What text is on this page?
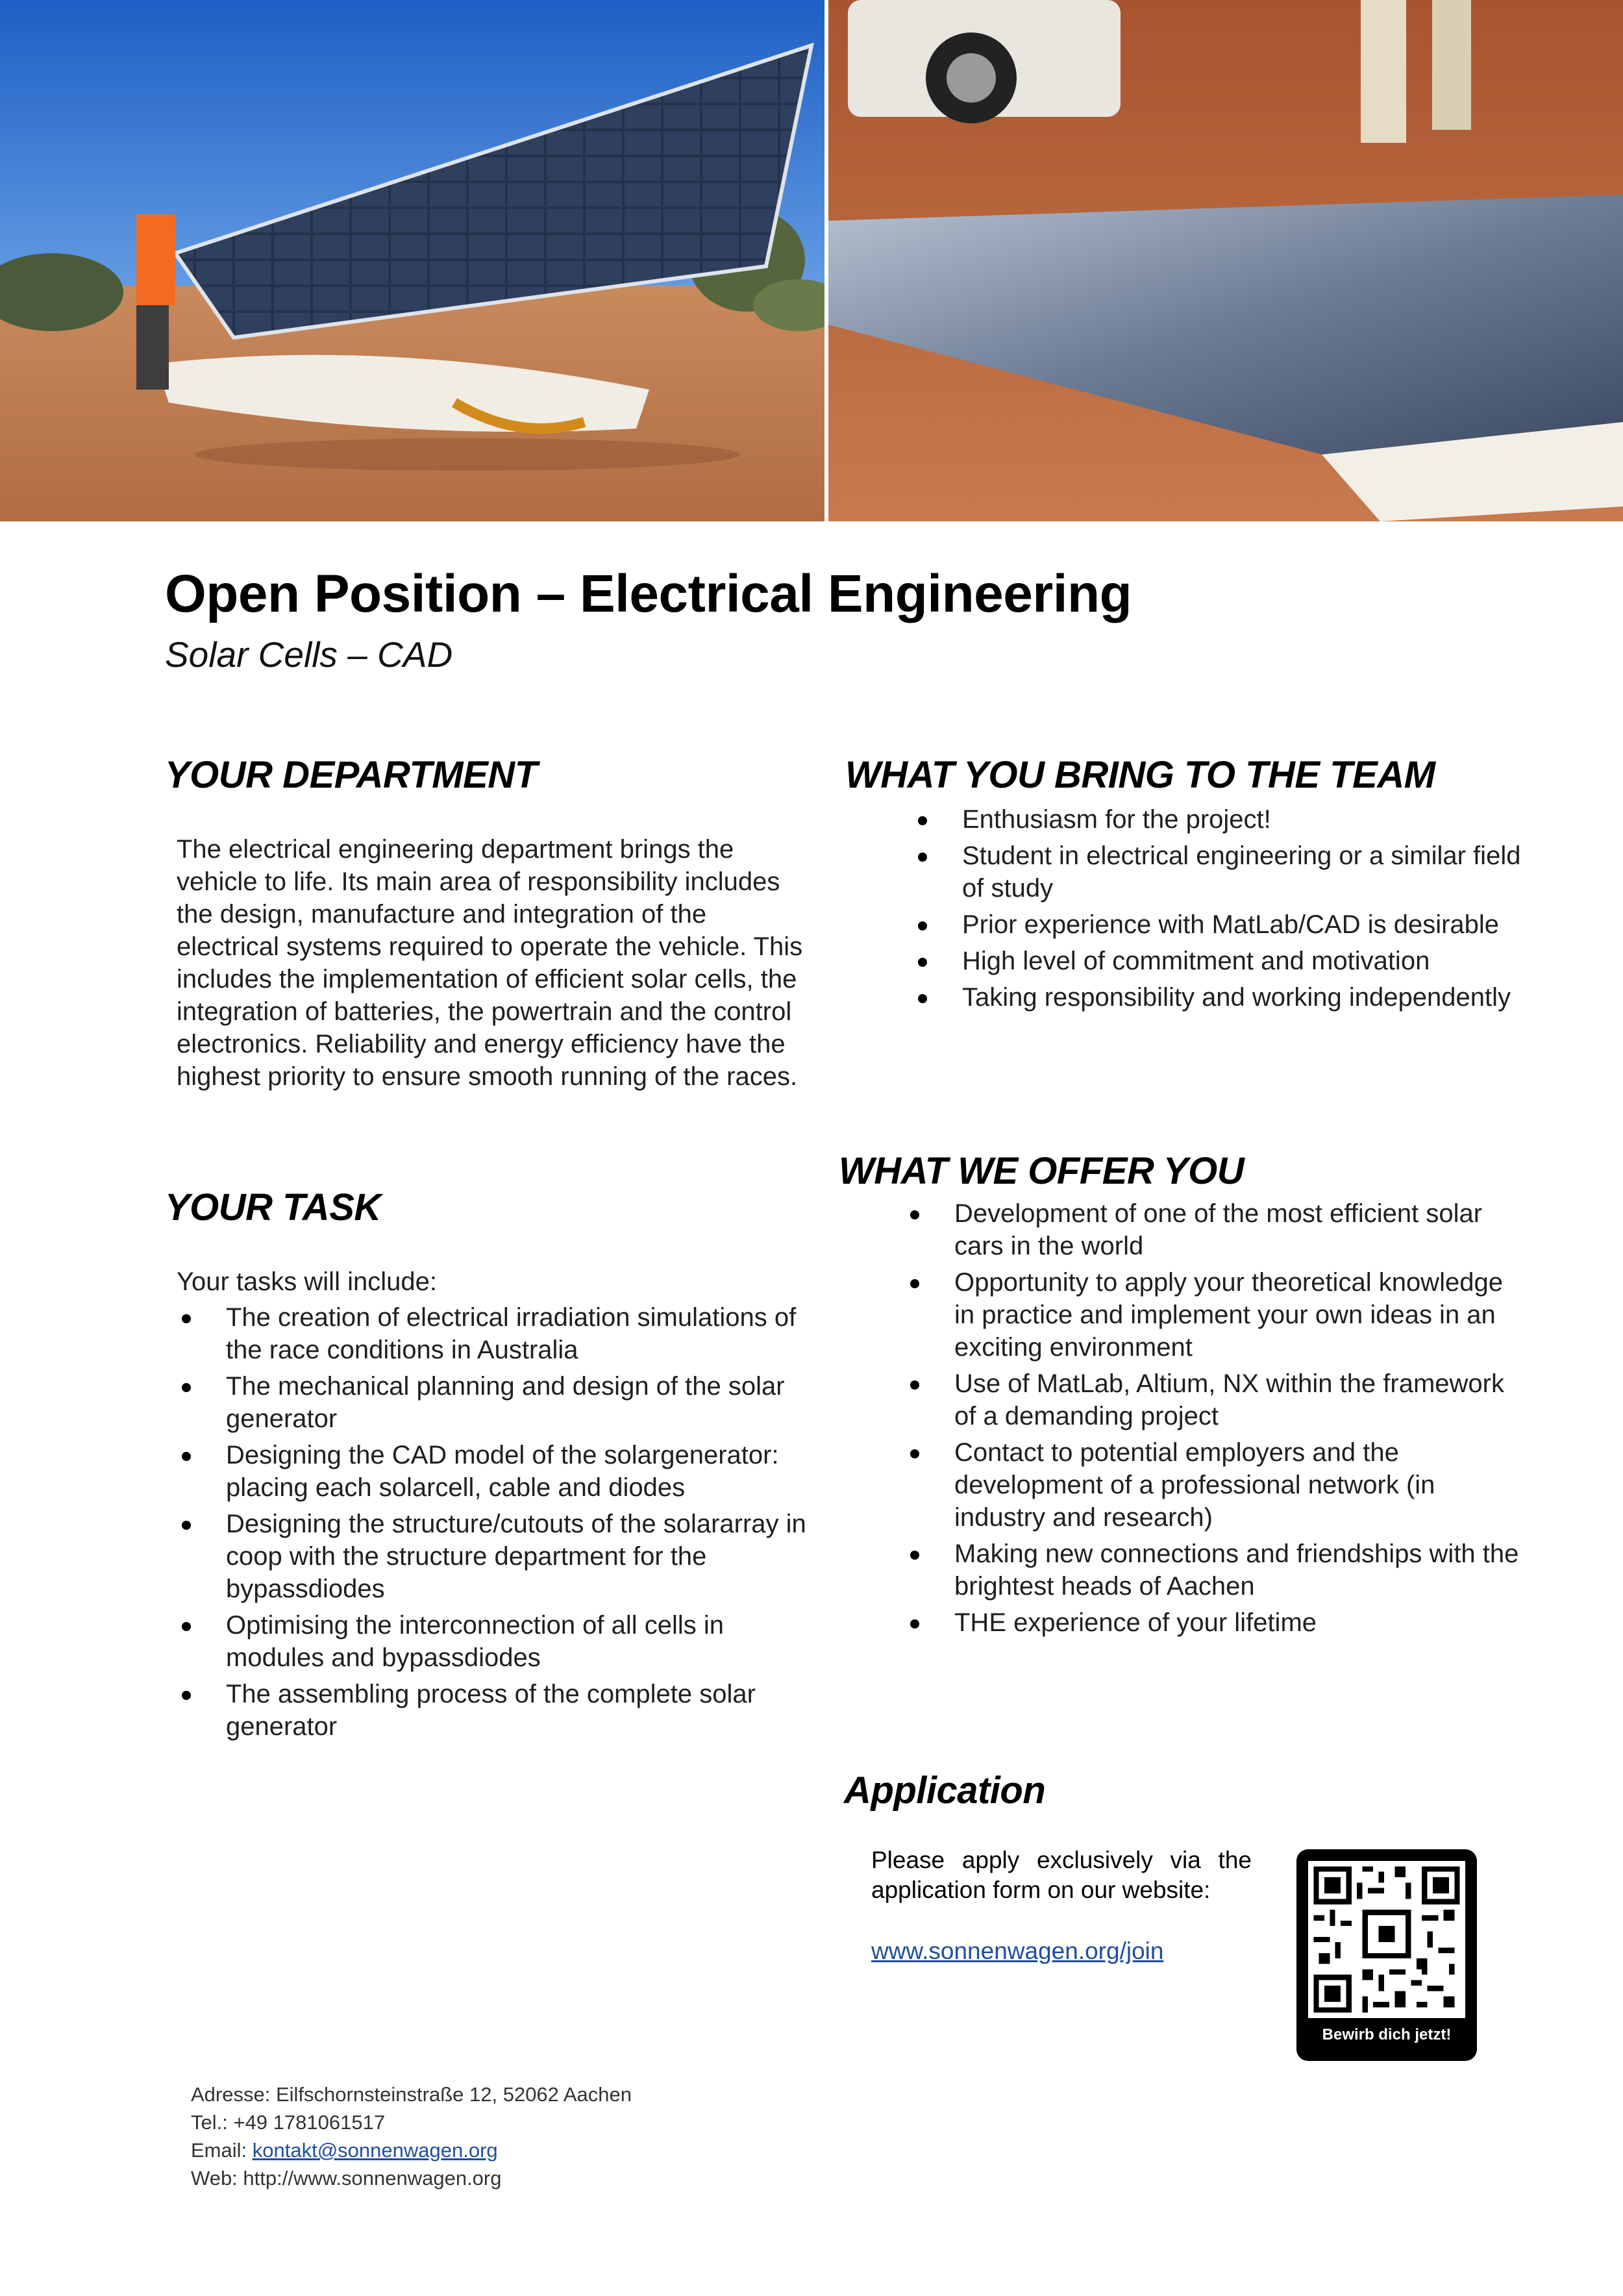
Open Position – Electrical Engineering
Solar Cells – CAD
YOUR DEPARTMENT
The electrical engineering department brings the vehicle to life. Its main area of responsibility includes the design, manufacture and integration of the electrical systems required to operate the vehicle. This includes the implementation of efficient solar cells, the integration of batteries, the powertrain and the control electronics. Reliability and energy efficiency have the highest priority to ensure smooth running of the races.
YOUR TASK
Your tasks will include:
The creation of electrical irradiation simulations of the race conditions in Australia
The mechanical planning and design of the solar generator
Designing the CAD model of the solargenerator: placing each solarcell, cable and diodes
Designing the structure/cutouts of the solararray in coop with the structure department for the bypassdiodes
Optimising the interconnection of all cells in modules and bypassdiodes
The assembling process of the complete solar generator
WHAT YOU BRING TO THE TEAM
Enthusiasm for the project!
Student in electrical engineering or a similar field of study
Prior experience with MatLab/CAD is desirable
High level of commitment and motivation
Taking responsibility and working independently
WHAT WE OFFER YOU
Development of one of the most efficient solar cars in the world
Opportunity to apply your theoretical knowledge in practice and implement your own ideas in an exciting environment
Use of MatLab, Altium, NX within the framework of a demanding project
Contact to potential employers and the development of a professional network (in industry and research)
Making new connections and friendships with the brightest heads of Aachen
THE experience of your lifetime
Application
Please apply exclusively via the application form on our website:
www.sonnenwagen.org/join
Bewirb dich jetzt!
Adresse: Eilfschornsteinstraße 12, 52062 Aachen
Tel.: +49 1781061517
Email: kontakt@sonnenwagen.org
Web: http://www.sonnenwagen.org
